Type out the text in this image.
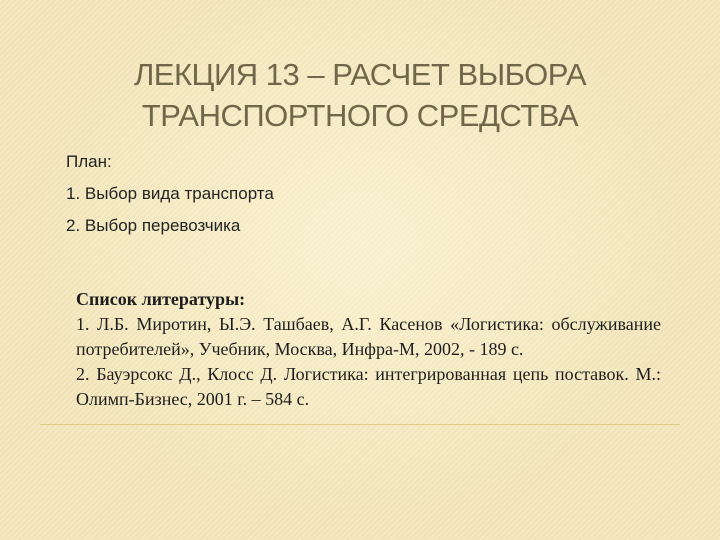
ЛЕКЦИЯ 13 – РАСЧЕТ ВЫБОРА
ТРАНСПОРТНОГО СРЕДСТВА
План:
1. Выбор вида транспорта
2. Выбор перевозчика
Список литературы:

1. Л.Б. Миротин, Ы.Э. Ташбаев, А.Г. Касенов «Логистика: обслуживание потребителей», Учебник, Москва, Инфра-М, 2002, - 189 с.

2. Бауэрсокс Д., Клосс Д. Логистика: интегрированная цепь поставок. М.: Олимп-Бизнес, 2001 г. – 584 с.
